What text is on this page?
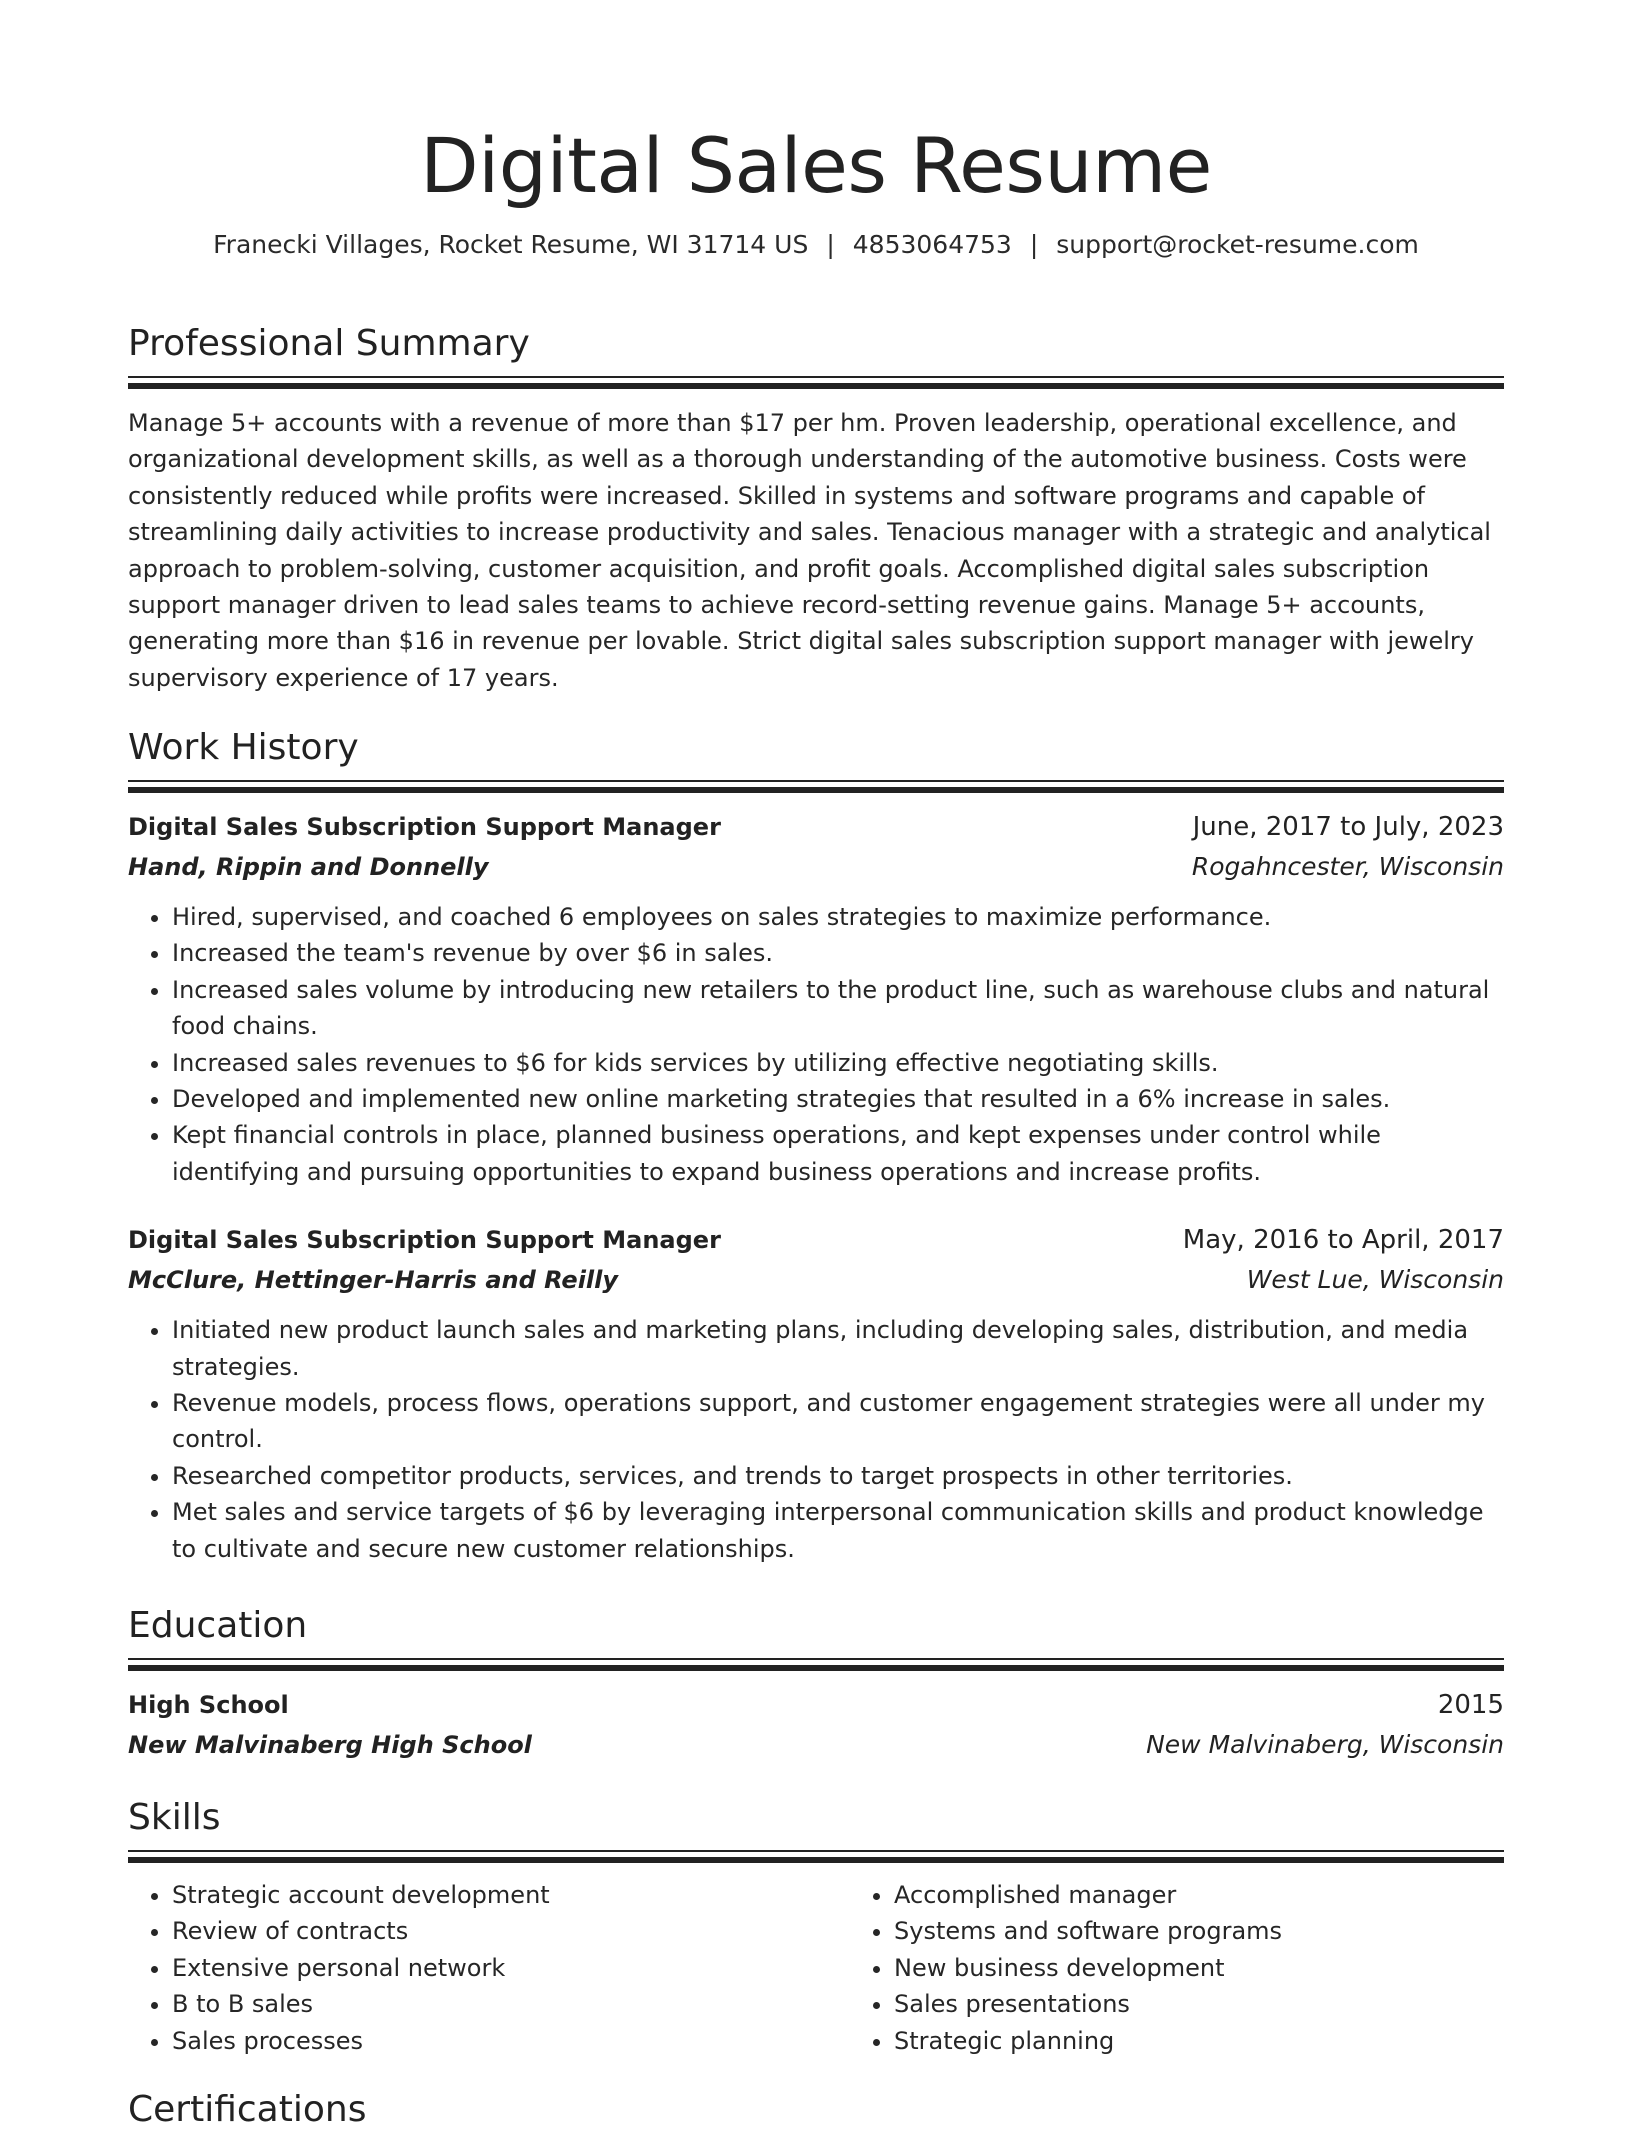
Digital Sales Resume
Franecki Villages, Rocket Resume, WI 31714 US | 4853064753 | support@rocket-resume.com
Professional Summary
Manage 5+ accounts with a revenue of more than $17 per hm. Proven leadership, operational excellence, and organizational development skills, as well as a thorough understanding of the automotive business. Costs were consistently reduced while profits were increased. Skilled in systems and software programs and capable of streamlining daily activities to increase productivity and sales. Tenacious manager with a strategic and analytical approach to problem-solving, customer acquisition, and profit goals. Accomplished digital sales subscription support manager driven to lead sales teams to achieve record-setting revenue gains. Manage 5+ accounts, generating more than $16 in revenue per lovable. Strict digital sales subscription support manager with jewelry supervisory experience of 17 years.
Work History
Digital Sales Subscription Support Manager	June, 2017 to July, 2023
Hand, Rippin and Donnelly	Rogahncester, Wisconsin
• Hired, supervised, and coached 6 employees on sales strategies to maximize performance.
• Increased the team's revenue by over $6 in sales.
• Increased sales volume by introducing new retailers to the product line, such as warehouse clubs and natural food chains.
• Increased sales revenues to $6 for kids services by utilizing effective negotiating skills.
• Developed and implemented new online marketing strategies that resulted in a 6% increase in sales.
• Kept financial controls in place, planned business operations, and kept expenses under control while identifying and pursuing opportunities to expand business operations and increase profits.
Digital Sales Subscription Support Manager	May, 2016 to April, 2017
McClure, Hettinger-Harris and Reilly	West Lue, Wisconsin
• Initiated new product launch sales and marketing plans, including developing sales, distribution, and media strategies.
• Revenue models, process flows, operations support, and customer engagement strategies were all under my control.
• Researched competitor products, services, and trends to target prospects in other territories.
• Met sales and service targets of $6 by leveraging interpersonal communication skills and product knowledge to cultivate and secure new customer relationships.
Education
High School	2015
New Malvinaberg High School	New Malvinaberg, Wisconsin
Skills
• Strategic account development
• Review of contracts
• Extensive personal network
• B to B sales
• Sales processes
• Accomplished manager
• Systems and software programs
• New business development
• Sales presentations
• Strategic planning
Certifications
